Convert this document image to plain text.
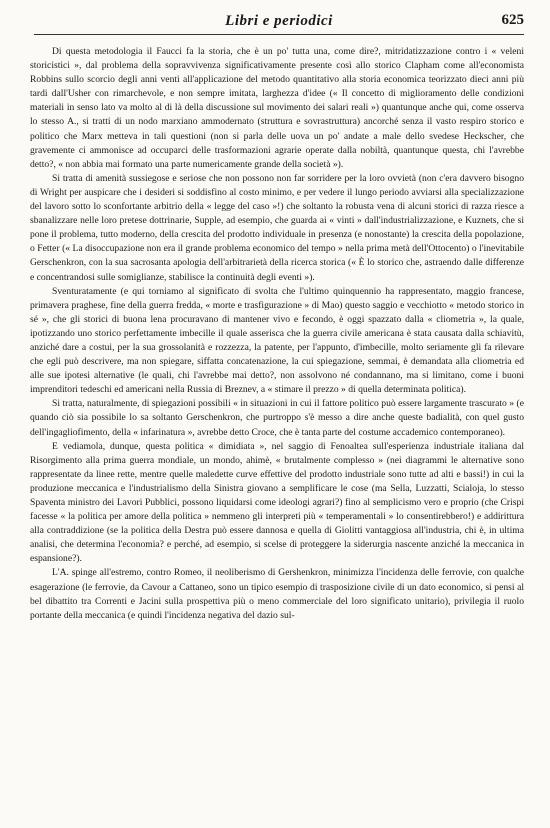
Libri e periodici	625

Di questa metodologia il Faucci fa la storia, che è un po' tutta una, come dire?, mitridatizzazione contro i « veleni storicistici », dal problema della sopravvivenza significativamente presente così allo storico Clapham come all'economista Robbins sullo scorcio degli anni venti all'applicazione del metodo quantitativo alla storia economica teorizzato dieci anni più tardi dall'Usher con rimarchevole, e non sempre imitata, larghezza d'idee (« Il concetto di miglioramento delle condizioni materiali in senso lato va molto al di là della discussione sul movimento dei salari reali ») quantunque anche qui, come osserva lo stesso A., si tratti di un nodo marxiano ammodernato (struttura e sovrastruttura) ancorché senza il vasto respiro storico e politico che Marx metteva in tali questioni (non si parla delle uova un po' andate a male dello svedese Heckscher, che gravemente ci ammonisce ad occuparci delle trasformazioni agrarie operate dalla nobiltà, quantunque questa, chi l'avrebbe detto?, « non abbia mai formato una parte numericamente grande della società »).

Si tratta di amenità sussiegose e seriose che non possono non far sorridere per la loro ovvietà (non c'era davvero bisogno di Wright per auspicare che i desideri si soddisfino al costo minimo, e per vedere il lungo periodo avviarsi alla specializzazione del lavoro sotto lo sconfortante arbitrio della « legge del caso »!) che soltanto la robusta vena di alcuni storici di razza riesce a sbanalizzare nelle loro pretese dottrinarie, Supple, ad esempio, che guarda ai « vinti » dall'industrializzazione, e Kuznets, che si pone il problema, tutto moderno, della crescita del prodotto individuale in presenza (e nonostante) la crescita della popolazione, o Fetter (« La disoccupazione non era il grande problema economico del tempo » nella prima metà dell'Ottocento) o l'inevitabile Gerschenkron, con la sua sacrosanta apologia dell'arbitrarietà della ricerca storica (« È lo storico che, astraendo dalle differenze e concentrandosi sulle somiglianze, stabilisce la continuità degli eventi »).

Sventuratamente (e qui torniamo al significato di svolta che l'ultimo quinquennio ha rappresentato, maggio francese, primavera praghese, fine della guerra fredda, « morte e trasfigurazione » di Mao) questo saggio e vecchiotto « metodo storico in sé », che gli storici di buona lena procuravano di mantener vivo e fecondo, è oggi spazzato dalla « cliometria », la quale, ipotizzando uno storico perfettamente imbecille il quale asserisca che la guerra civile americana è stata causata dalla schiavitù, anziché dare a costui, per la sua grossolanità e rozzezza, la patente, per l'appunto, d'imbecille, molto seriamente gli fa rilevare che egli può descrivere, ma non spiegare, siffatta concatenazione, la cui spiegazione, semmai, è demandata alla cliometria ed alle sue ipotesi alternative (le quali, chi l'avrebbe mai detto?, non assolvono né condannano, ma si limitano, come i buoni imprenditori tedeschi ed americani nella Russia di Breznev, a « stimare il prezzo » di quella determinata politica).

Si tratta, naturalmente, di spiegazioni possibili « in situazioni in cui il fattore politico può essere largamente trascurato » (e quando ciò sia possibile lo sa soltanto Gerschenkron, che purtroppo s'è messo a dire anche queste badialità, con quel gusto dell'ingagliofimento, della « infarinatura », avrebbe detto Croce, che è tanta parte del costume accademico contemporaneo).

E vediamola, dunque, questa politica « dimidiata », nel saggio di Fenoaltea sull'esperienza industriale italiana dal Risorgimento alla prima guerra mondiale, un mondo, ahimè, « brutalmente complesso » (nei diagrammi le alternative sono rappresentate da linee rette, mentre quelle maledette curve effettive del prodotto industriale sono tutte ad alti e bassi!) in cui la produzione meccanica e l'industrialismo della Sinistra giovano a semplificare le cose (ma Sella, Luzzatti, Scialoja, lo stesso Spaventa ministro dei Lavori Pubblici, possono liquidarsi come ideologi agrari?) fino al semplicismo vero e proprio (che Crispi facesse « la politica per amore della politica » nemmeno gli interpreti più « temperamentali » lo consentirebbero!) e addirittura alla contraddizione (se la politica della Destra può essere dannosa e quella di Giolitti vantaggiosa all'industria, chi è, in ultima analisi, che determina l'economia? e perché, ad esempio, si scelse di proteggere la siderurgia nascente anziché la meccanica in espansione?).

L'A. spinge all'estremo, contro Romeo, il neoliberismo di Gershenkron, minimizza l'incidenza delle ferrovie, con qualche esagerazione (le ferrovie, da Cavour a Cattaneo, sono un tipico esempio di trasposizione civile di un dato economico, si pensi al bel dibattito tra Correnti e Jacini sulla prospettiva più o meno commerciale del loro significato unitario), privilegia il ruolo portante della meccanica (e quindi l'incidenza negativa del dazio sul-
